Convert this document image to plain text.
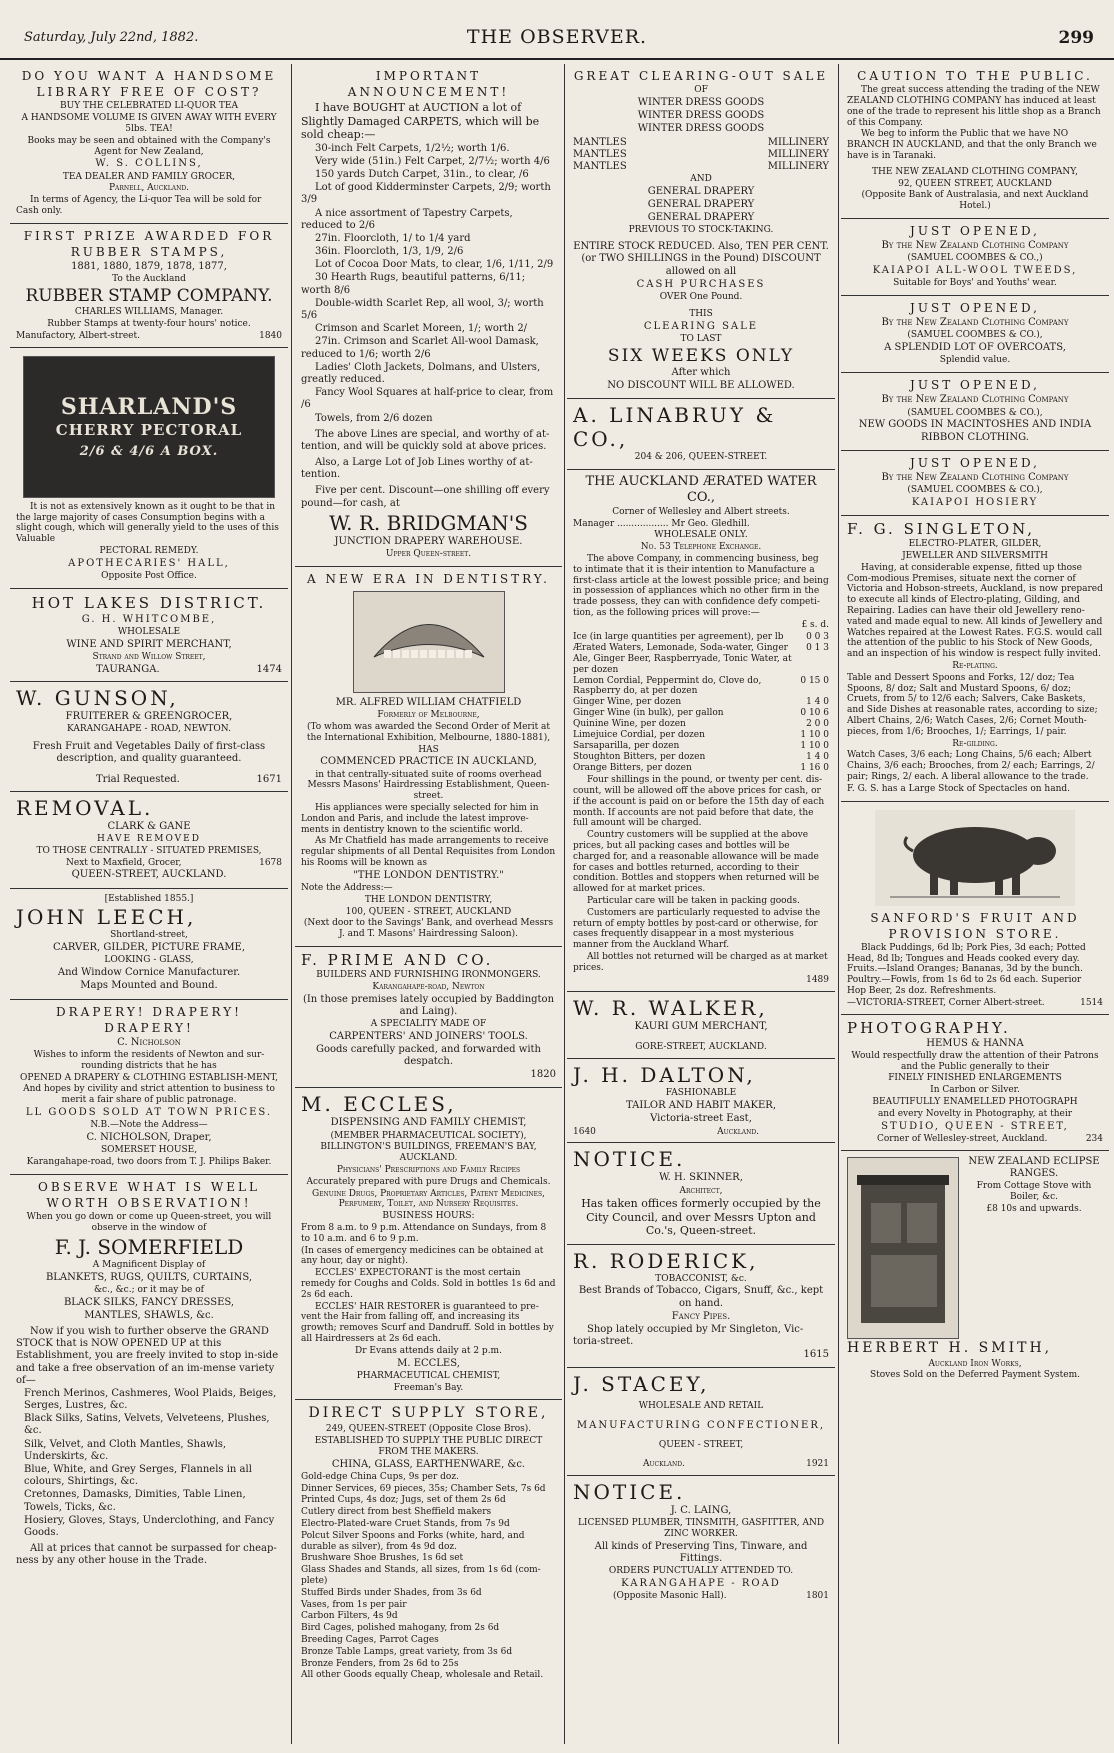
Saturday, July 22nd, 1882.	THE OBSERVER.	299
DO YOU WANT A HANDSOME
LIBRARY FREE OF COST?

BUY THE CELEBRATED LI-QUOR TEA

A HANDSOME VOLUME IS GIVEN AWAY WITH EVERY 5lbs. TEA!

Books may be seen and obtained with the Company's Agent for New Zealand,

W. S. COLLINS,

TEA DEALER AND FAMILY GROCER,

Parnell, Auckland.

In terms of Agency, the Li-quor Tea will be sold for Cash only.

FIRST PRIZE AWARDED FOR RUBBER STAMPS,

1881, 1880, 1879, 1878, 1877,

To the Auckland

RUBBER STAMP COMPANY.

CHARLES WILLIAMS, Manager.

Rubber Stamps at twenty-four hours' notice.

Manufactory, Albert-street.	1840
SHARLAND'S
CHERRY PECTORAL
2/6 & 4/6 A BOX.

It is not as extensively known as it ought to be that in the large majority of cases Consumption begins with a slight cough, which will generally yield to the uses of this Valuable

PECTORAL REMEDY.

APOTHECARIES' HALL,

Opposite Post Office.

HOT LAKES DISTRICT.

G. H. WHITCOMBE,

WHOLESALE

WINE AND SPIRIT MERCHANT,

Strand and Willow Street,

TAURANGA.	1474
W. GUNSON,

FRUITERER & GREENGROCER,

KARANGAHAPE - ROAD, NEWTON.

Fresh Fruit and Vegetables Daily of first-class description, and quality guaranteed.

Trial Requested.	1671
REMOVAL.

CLARK & GANE

HAVE REMOVED

TO THOSE CENTRALLY - SITUATED PREMISES,

Next to Maxfield, Grocer,	1678

QUEEN-STREET, AUCKLAND.

[Established 1855.]

JOHN LEECH,

Shortland-street,

CARVER, GILDER, PICTURE FRAME,

LOOKING - GLASS,

And Window Cornice Manufacturer.

Maps Mounted and Bound.

DRAPERY! DRAPERY! DRAPERY!

C. Nicholson

Wishes to inform the residents of Newton and sur-rounding districts that he has

OPENED A DRAPERY & CLOTHING ESTABLISH-MENT,

And hopes by civility and strict attention to business to merit a fair share of public patronage.

LL GOODS SOLD AT TOWN PRICES.

N.B.—Note the Address—

C. NICHOLSON, Draper,

SOMERSET HOUSE,

Karangahape-road, two doors from T. J. Philips Baker.

OBSERVE WHAT IS WELL WORTH OBSERVATION!

When you go down or come up Queen-street, you will observe in the window of

F. J. SOMERFIELD

A Magnificent Display of

BLANKETS, RUGS, QUILTS, CURTAINS,

&c., &c.; or it may be of

BLACK SILKS, FANCY DRESSES,

MANTLES, SHAWLS, &c.

Now if you wish to further observe the GRAND STOCK that is NOW OPENED UP at this Establishment, you are freely invited to stop in-side and take a free observation of an im-mense variety of—

French Merinos, Cashmeres, Wool Plaids, Beiges, Serges, Lustres, &c.

Black Silks, Satins, Velvets, Velveteens, Plushes, &c.

Silk, Velvet, and Cloth Mantles, Shawls, Underskirts, &c.

Blue, White, and Grey Serges, Flannels in all colours, Shirtings, &c.

Cretonnes, Damasks, Dimities, Table Linen, Towels, Ticks, &c.

Hosiery, Gloves, Stays, Underclothing, and Fancy Goods.

All at prices that cannot be surpassed for cheap-ness by any other house in the Trade.

IMPORTANT ANNOUNCEMENT!

I have BOUGHT at AUCTION a lot of Slightly Damaged CARPETS, which will be sold cheap:—

30-inch Felt Carpets, 1/2½; worth 1/6.

Very wide (51in.) Felt Carpet, 2/7½; worth 4/6

150 yards Dutch Carpet, 31in., to clear, /6

Lot of good Kidderminster Carpets, 2/9; worth 3/9

A nice assortment of Tapestry Carpets, reduced to 2/6

27in. Floorcloth, 1/ to 1/4 yard

36in. Floorcloth, 1/3, 1/9, 2/6

Lot of Cocoa Door Mats, to clear, 1/6, 1/11, 2/9

30 Hearth Rugs, beautiful patterns, 6/11; worth 8/6

Double-width Scarlet Rep, all wool, 3/; worth 5/6

Crimson and Scarlet Moreen, 1/; worth 2/

27in. Crimson and Scarlet All-wool Damask, reduced to 1/6; worth 2/6

Ladies' Cloth Jackets, Dolmans, and Ulsters, greatly reduced.

Fancy Wool Squares at half-price to clear, from /6

Towels, from 2/6 dozen

The above Lines are special, and worthy of at-tention, and will be quickly sold at above prices.

Also, a Large Lot of Job Lines worthy of at-tention.

Five per cent. Discount—one shilling off every pound—for cash, at

W. R. BRIDGMAN'S

JUNCTION DRAPERY WAREHOUSE.

Upper Queen-street.

A NEW ERA IN DENTISTRY.

MR. ALFRED WILLIAM CHATFIELD

Formerly of Melbourne,

(To whom was awarded the Second Order of Merit at the International Exhibition, Melbourne, 1880-1881),

HAS

COMMENCED PRACTICE IN AUCKLAND,

in that centrally-situated suite of rooms overhead Messrs Masons' Hairdressing Establishment, Queen-street.

His appliances were specially selected for him in London and Paris, and include the latest improve-ments in dentistry known to the scientific world.

As Mr Chatfield has made arrangements to receive regular shipments of all Dental Requisites from London his Rooms will be known as

"THE LONDON DENTISTRY."

Note the Address:—

THE LONDON DENTISTRY,

100, QUEEN - STREET, AUCKLAND

(Next door to the Savings' Bank, and overhead Messrs J. and T. Masons' Hairdressing Saloon).

F. PRIME AND CO.

BUILDERS AND FURNISHING IRONMONGERS.

Karangahape-road, Newton

(In those premises lately occupied by Baddington and Laing).

A SPECIALITY MADE OF

CARPENTERS' AND JOINERS' TOOLS.

Goods carefully packed, and forwarded with despatch.

1820

M. ECCLES,

DISPENSING AND FAMILY CHEMIST,

(MEMBER PHARMACEUTICAL SOCIETY),

BILLINGTON'S BUILDINGS, FREEMAN'S BAY, AUCKLAND.

Physicians' Prescriptions and Family Recipes

Accurately prepared with pure Drugs and Chemicals.

Genuine Drugs, Proprietary Articles, Patent Medicines, Perfumery, Toilet, and Nursery Requisites.

BUSINESS HOURS:

From 8 a.m. to 9 p.m. Attendance on Sundays, from 8 to 10 a.m. and 6 to 9 p.m.

(In cases of emergency medicines can be obtained at any hour, day or night).

ECCLES' EXPECTORANT is the most certain remedy for Coughs and Colds. Sold in bottles 1s 6d and 2s 6d each.

ECCLES' HAIR RESTORER is guaranteed to pre-vent the Hair from falling off, and increasing its growth; removes Scurf and Dandruff. Sold in bottles by all Hairdressers at 2s 6d each.

Dr Evans attends daily at 2 p.m.

M. ECCLES,

PHARMACEUTICAL CHEMIST,

Freeman's Bay.

DIRECT SUPPLY STORE,

249, QUEEN-STREET (Opposite Close Bros).

ESTABLISHED TO SUPPLY THE PUBLIC DIRECT FROM THE MAKERS.

CHINA, GLASS, EARTHENWARE, &c.

Gold-edge China Cups, 9s per doz.

Dinner Services, 69 pieces, 35s; Chamber Sets, 7s 6d

Printed Cups, 4s doz; Jugs, set of them 2s 6d

Cutlery direct from best Sheffield makers

Electro-Plated-ware Cruet Stands, from 7s 9d

Polcut Silver Spoons and Forks (white, hard, and durable as silver), from 4s 9d doz.

Brushware Shoe Brushes, 1s 6d set

Glass Shades and Stands, all sizes, from 1s 6d (com-plete)

Stuffed Birds under Shades, from 3s 6d

Vases, from 1s per pair

Carbon Filters, 4s 9d

Bird Cages, polished mahogany, from 2s 6d

Breeding Cages, Parrot Cages

Bronze Table Lamps, great variety, from 3s 6d

Bronze Fenders, from 2s 6d to 25s

All other Goods equally Cheap, wholesale and Retail.

GREAT CLEARING-OUT SALE

OF

WINTER DRESS GOODS

WINTER DRESS GOODS

WINTER DRESS GOODS

MANTLES	MILLINERY
MANTLES	MILLINERY
MANTLES	MILLINERY

AND

GENERAL DRAPERY

GENERAL DRAPERY

GENERAL DRAPERY

PREVIOUS TO STOCK-TAKING.

ENTIRE STOCK REDUCED. Also, TEN PER CENT. (or TWO SHILLINGS in the Pound) DISCOUNT allowed on all

CASH PURCHASES

OVER One Pound.

THIS

CLEARING SALE

TO LAST

SIX WEEKS ONLY

After which

NO DISCOUNT WILL BE ALLOWED.

A. LINABRUY & CO.,

204 & 206, QUEEN-STREET.

THE AUCKLAND ÆRATED WATER CO.,

Corner of Wellesley and Albert streets.

Manager .................. Mr Geo. Gledhill.

WHOLESALE ONLY.

No. 53 Telephone Exchange.

The above Company, in commencing business, beg to intimate that it is their intention to Manufacture a first-class article at the lowest possible price; and being in possession of appliances which no other firm in the trade possess, they can with confidence defy competi-tion, as the following prices will prove:—

£ s. d.

Ice (in large quantities per agreement), per lb	0 0 3
Ærated Waters, Lemonade, Soda-water, Ginger Ale, Ginger Beer, Raspberryade, Tonic Water, at per dozen	0 1 3
Lemon Cordial, Peppermint do, Clove do, Raspberry do, at per dozen	0 15 0
Ginger Wine, per dozen	1 4 0
Ginger Wine (in bulk), per gallon	0 10 6
Quinine Wine, per dozen	2 0 0
Limejuice Cordial, per dozen	1 10 0
Sarsaparilla, per dozen	1 10 0
Stoughton Bitters, per dozen	1 4 0
Orange Bitters, per dozen	1 16 0

Four shillings in the pound, or twenty per cent. dis-count, will be allowed off the above prices for cash, or if the account is paid on or before the 15th day of each month. If accounts are not paid before that date, the full amount will be charged.

Country customers will be supplied at the above prices, but all packing cases and bottles will be charged for, and a reasonable allowance will be made for cases and bottles returned, according to their condition. Bottles and stoppers when returned will be allowed for at market prices.

Particular care will be taken in packing goods.

Customers are particularly requested to advise the return of empty bottles by post-card or otherwise, for cases frequently disappear in a most mysterious manner from the Auckland Wharf.

All bottles not returned will be charged as at market prices.

1489

W. R. WALKER,

KAURI GUM MERCHANT,

GORE-STREET, AUCKLAND.

J. H. DALTON,

FASHIONABLE

TAILOR AND HABIT MAKER,

Victoria-street East,

1640	Auckland.
NOTICE.

W. H. SKINNER,

Architect,

Has taken offices formerly occupied by the City Council, and over Messrs Upton and Co.'s, Queen-street.

R. RODERICK,

TOBACCONIST, &c.

Best Brands of Tobacco, Cigars, Snuff, &c., kept on hand.

Fancy Pipes.

Shop lately occupied by Mr Singleton, Vic-toria-street.

1615

J. STACEY,

WHOLESALE AND RETAIL

MANUFACTURING CONFECTIONER,

QUEEN - STREET,

Auckland.	1921
NOTICE.

J. C. LAING,

LICENSED PLUMBER, TINSMITH, GASFITTER, AND ZINC WORKER.

All kinds of Preserving Tins, Tinware, and Fittings.

ORDERS PUNCTUALLY ATTENDED TO.

KARANGAHAPE - ROAD

(Opposite Masonic Hall).	1801
CAUTION TO THE PUBLIC.

The great success attending the trading of the NEW ZEALAND CLOTHING COMPANY has induced at least one of the trade to represent his little shop as a Branch of this Company.

We beg to inform the Public that we have NO BRANCH IN AUCKLAND, and that the only Branch we have is in Taranaki.

THE NEW ZEALAND CLOTHING COMPANY,

92, QUEEN STREET, AUCKLAND

(Opposite Bank of Australasia, and next Auckland Hotel.)

JUST OPENED,

By the New Zealand Clothing Company

(SAMUEL COOMBES & CO.,)

KAIAPOI ALL-WOOL TWEEDS,

Suitable for Boys' and Youths' wear.

JUST OPENED,

By the New Zealand Clothing Company

(SAMUEL COOMBES & CO.),

A SPLENDID LOT OF OVERCOATS,

Splendid value.

JUST OPENED,

By the New Zealand Clothing Company

(SAMUEL COOMBES & CO.),

NEW GOODS IN MACINTOSHES AND INDIA RIBBON CLOTHING.

JUST OPENED,

By the New Zealand Clothing Company

(SAMUEL COOMBES & CO.),

KAIAPOI HOSIERY

F. G. SINGLETON,

ELECTRO-PLATER, GILDER,

JEWELLER AND SILVERSMITH

Having, at considerable expense, fitted up those Com-modious Premises, situate next the corner of Victoria and Hobson-streets, Auckland, is now prepared to execute all kinds of Electro-plating, Gilding, and Repairing. Ladies can have their old Jewellery reno-vated and made equal to new. All kinds of Jewellery and Watches repaired at the Lowest Rates. F.G.S. would call the attention of the public to his Stock of New Goods, and an inspection of his window is respect fully invited.

Re-plating.

Table and Dessert Spoons and Forks, 12/ doz; Tea Spoons, 8/ doz; Salt and Mustard Spoons, 6/ doz; Cruets, from 5/ to 12/6 each; Salvers, Cake Baskets, and Side Dishes at reasonable rates, according to size; Albert Chains, 2/6; Watch Cases, 2/6; Cornet Mouth-pieces, from 1/6; Brooches, 1/; Earrings, 1/ pair.

Re-gilding.

Watch Cases, 3/6 each; Long Chains, 5/6 each; Albert Chains, 3/6 each; Brooches, from 2/ each; Earrings, 2/ pair; Rings, 2/ each. A liberal allowance to the trade.

F. G. S. has a Large Stock of Spectacles on hand.

SANFORD'S FRUIT AND PROVISION STORE.

Black Puddings, 6d lb; Pork Pies, 3d each; Potted Head, 8d lb; Tongues and Heads cooked every day. Fruits.—Island Oranges; Bananas, 3d by the bunch. Poultry.—Fowls, from 1s 6d to 2s 6d each. Superior Hop Beer, 2s doz. Refreshments.

—VICTORIA-STREET, Corner Albert-street.	1514
PHOTOGRAPHY.

HEMUS & HANNA

Would respectfully draw the attention of their Patrons and the Public generally to their

FINELY FINISHED ENLARGEMENTS

In Carbon or Silver.

BEAUTIFULLY ENAMELLED PHOTOGRAPH

and every Novelty in Photography, at their

STUDIO, QUEEN - STREET,

Corner of Wellesley-street, Auckland.	234

NEW ZEALAND ECLIPSE RANGES.

From Cottage Stove with Boiler, &c.

£8 10s and upwards.

HERBERT H. SMITH,

Auckland Iron Works,

Stoves Sold on the Deferred Payment System.
